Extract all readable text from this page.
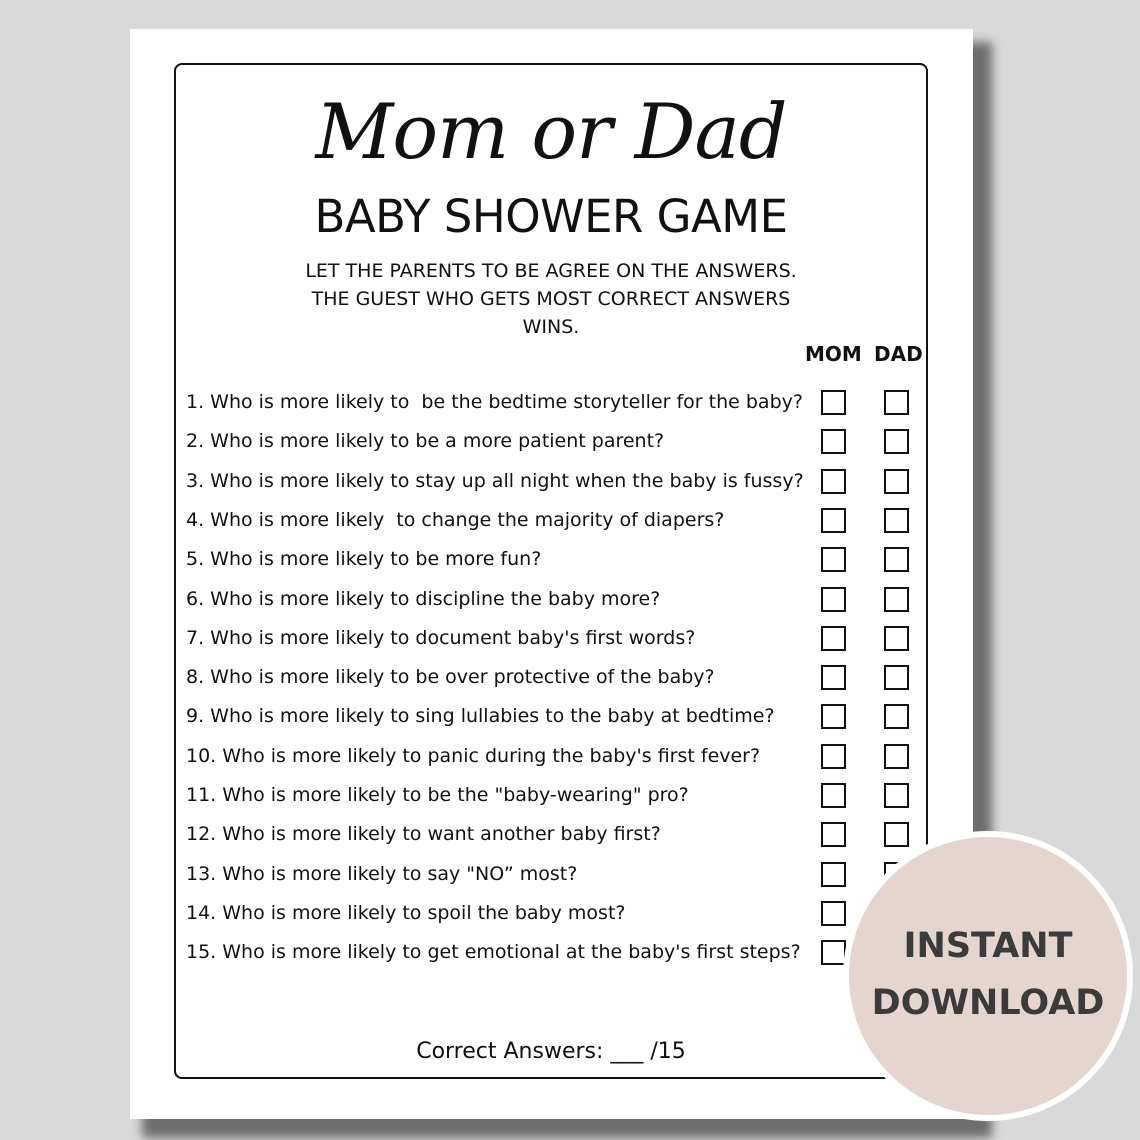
Mom or Dad
BABY SHOWER GAME
LET THE PARENTS TO BE AGREE ON THE ANSWERS.
THE GUEST WHO GETS MOST CORRECT ANSWERS
WINS.
MOM DAD
1. Who is more likely to  be the bedtime storyteller for the baby?
2. Who is more likely to be a more patient parent?
3. Who is more likely to stay up all night when the baby is fussy?
4. Who is more likely  to change the majority of diapers?
5. Who is more likely to be more fun?
6. Who is more likely to discipline the baby more?
7. Who is more likely to document baby's first words?
8. Who is more likely to be over protective of the baby?
9. Who is more likely to sing lullabies to the baby at bedtime?
10. Who is more likely to panic during the baby's first fever?
11. Who is more likely to be the "baby-wearing" pro?
12. Who is more likely to want another baby first?
13. Who is more likely to say "NO” most?
14. Who is more likely to spoil the baby most?
15. Who is more likely to get emotional at the baby's first steps?
Correct Answers: ___ /15
INSTANT
DOWNLOAD
